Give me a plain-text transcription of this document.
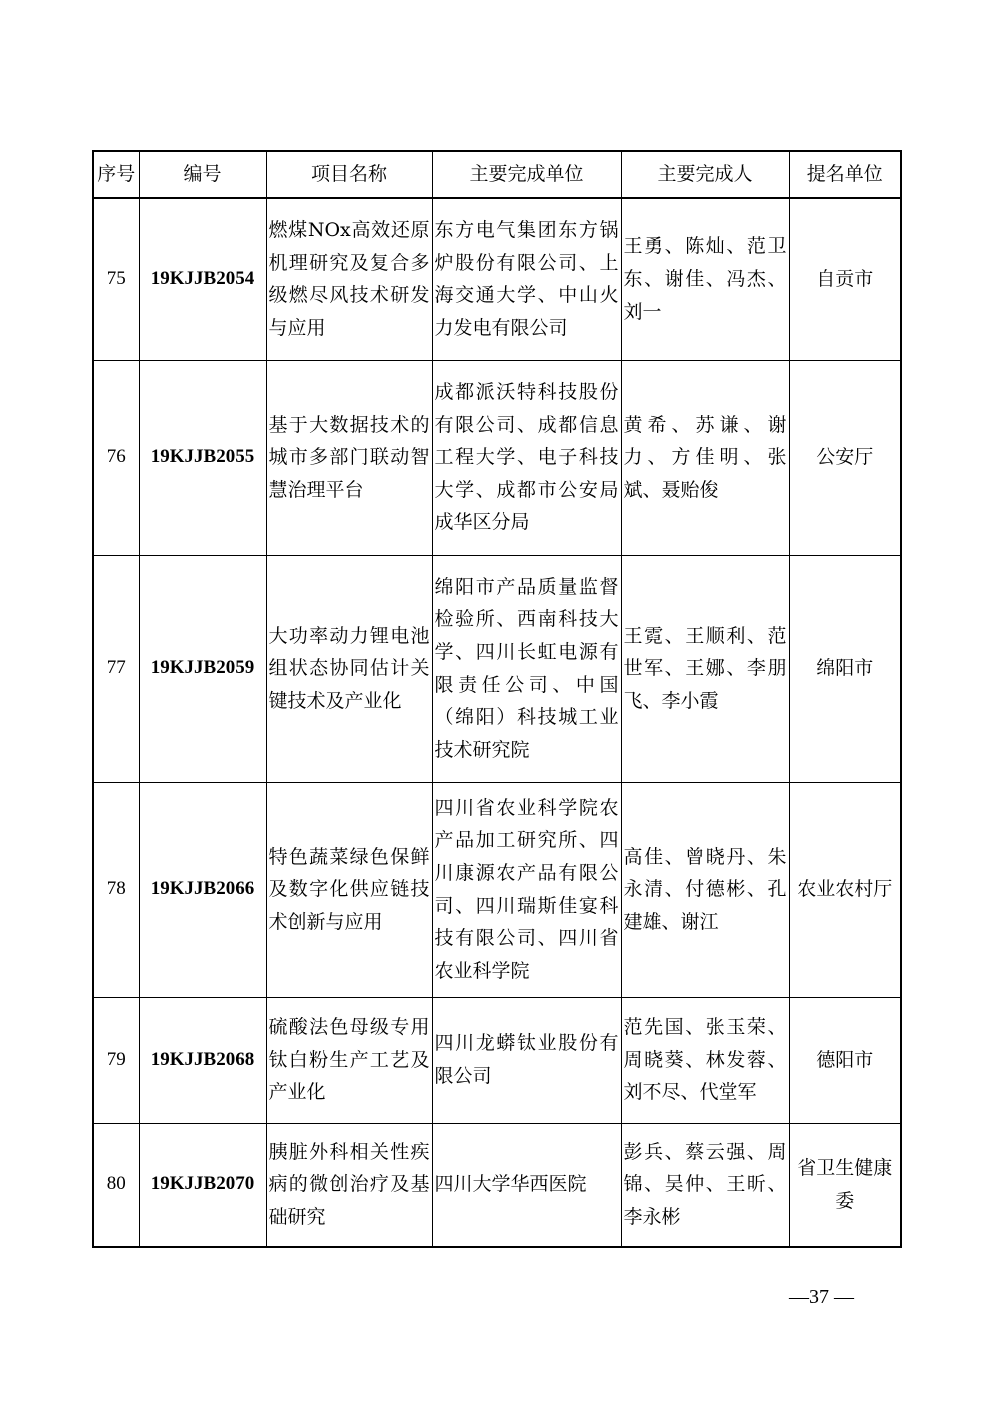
序号	编号	项目名称	主要完成单位	主要完成人	提名单位
75	19KJJB2054	燃煤NOx高效还原机理研究及复合多级燃尽风技术研发与应用	东方电气集团东方锅炉股份有限公司、上海交通大学、中山火力发电有限公司	王勇、陈灿、范卫东、谢佳、冯杰、刘一	自贡市
76	19KJJB2055	基于大数据技术的城市多部门联动智慧治理平台	成都派沃特科技股份有限公司、成都信息工程大学、电子科技大学、成都市公安局成华区分局	黄希、苏谦、谢力、方佳明、张斌、聂贻俊	公安厅
77	19KJJB2059	大功率动力锂电池组状态协同估计关键技术及产业化	绵阳市产品质量监督检验所、西南科技大学、四川长虹电源有限责任公司、中国（绵阳）科技城工业技术研究院	王霓、王顺利、范世军、王娜、李朋飞、李小霞	绵阳市
78	19KJJB2066	特色蔬菜绿色保鲜及数字化供应链技术创新与应用	四川省农业科学院农产品加工研究所、四川康源农产品有限公司、四川瑞斯佳宴科技有限公司、四川省农业科学院	高佳、曾晓丹、朱永清、付德彬、孔建雄、谢江	农业农村厅
79	19KJJB2068	硫酸法色母级专用钛白粉生产工艺及产业化	四川龙蟒钛业股份有限公司	范先国、张玉荣、周晓葵、林发蓉、刘不尽、代堂军	德阳市
80	19KJJB2070	胰脏外科相关性疾病的微创治疗及基础研究	四川大学华西医院	彭兵、蔡云强、周锦、吴仲、王昕、李永彬	省卫生健康委
—37 —
